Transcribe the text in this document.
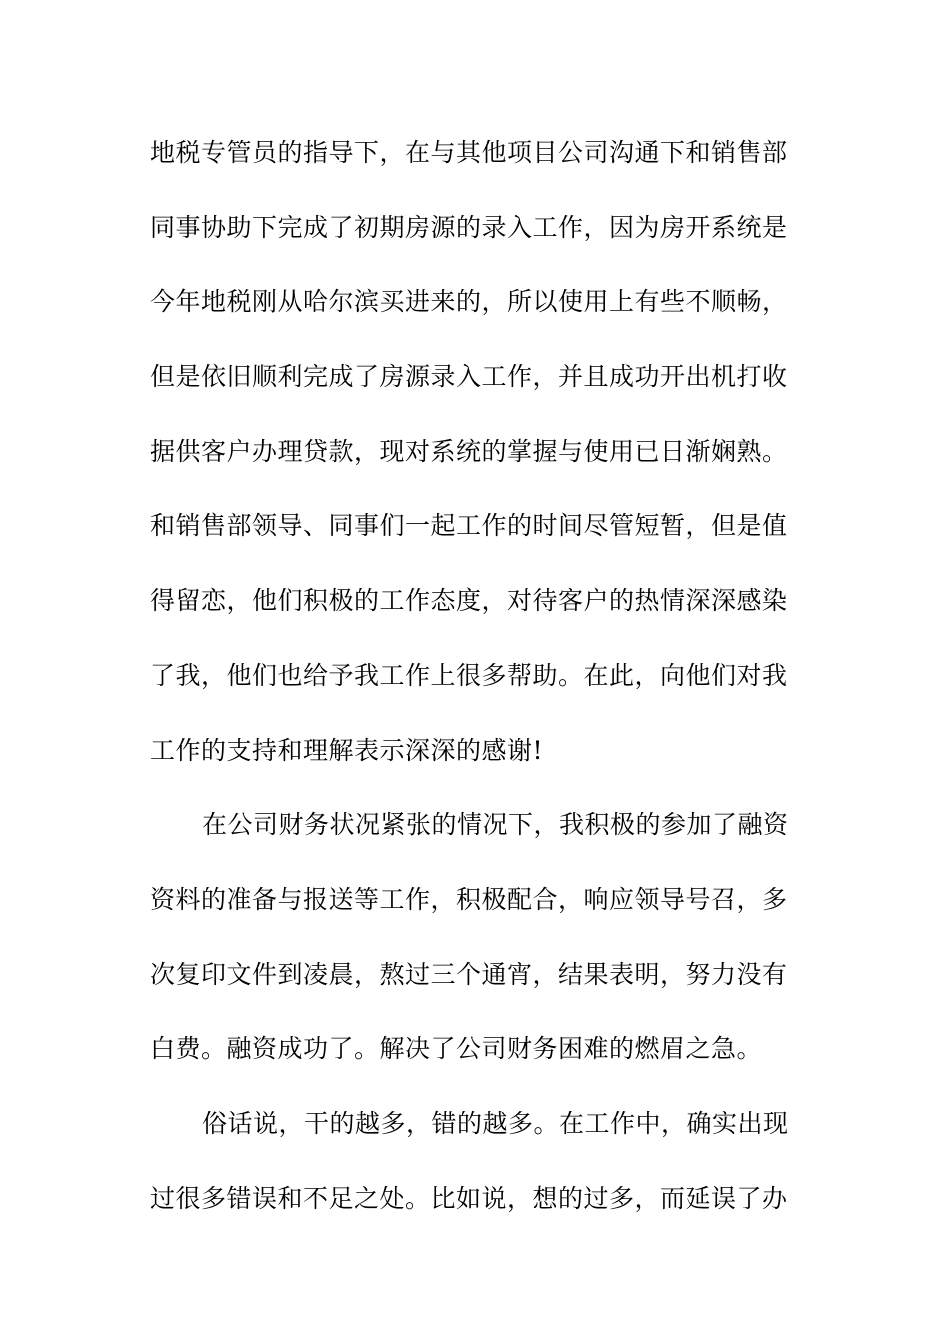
地税专管员的指导下，在与其他项目公司沟通下和销售部
同事协助下完成了初期房源的录入工作，因为房开系统是
今年地税刚从哈尔滨买进来的，所以使用上有些不顺畅，
但是依旧顺利完成了房源录入工作，并且成功开出机打收
据供客户办理贷款，现对系统的掌握与使用已日渐娴熟。
和销售部领导、同事们一起工作的时间尽管短暂，但是值
得留恋，他们积极的工作态度，对待客户的热情深深感染
了我，他们也给予我工作上很多帮助。在此，向他们对我
工作的支持和理解表示深深的感谢!
在公司财务状况紧张的情况下，我积极的参加了融资
资料的准备与报送等工作，积极配合，响应领导号召，多
次复印文件到凌晨，熬过三个通宵，结果表明，努力没有
白费。融资成功了。解决了公司财务困难的燃眉之急。
俗话说，干的越多，错的越多。在工作中，确实出现
过很多错误和不足之处。比如说，想的过多，而延误了办
